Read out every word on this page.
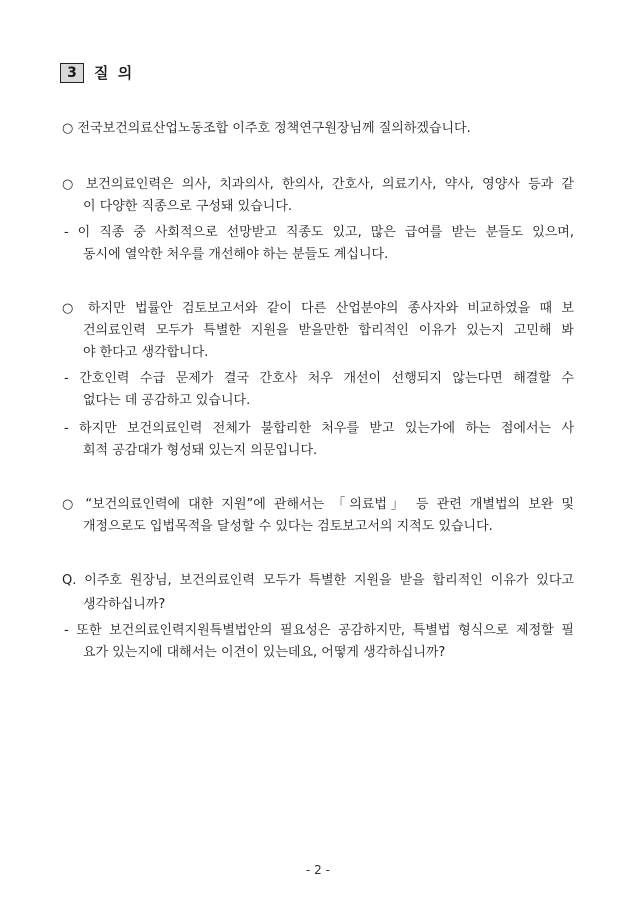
3	질 의
○ 전국보건의료산업노동조합 이주호 정책연구원장님께 질의하겠습니다.
○ 보건의료인력은 의사, 치과의사, 한의사, 간호사, 의료기사, 약사, 영양사 등과 같
이 다양한 직종으로 구성돼 있습니다.
- 이 직종 중 사회적으로 선망받고 직종도 있고, 많은 급여를 받는 분들도 있으며,
동시에 열악한 처우를 개선해야 하는 분들도 계십니다.
○ 하지만 법률안 검토보고서와 같이 다른 산업분야의 종사자와 비교하였을 때 보
건의료인력 모두가 특별한 지원을 받을만한 합리적인 이유가 있는지 고민해 봐
야 한다고 생각합니다.
- 간호인력 수급 문제가 결국 간호사 처우 개선이 선행되지 않는다면 해결할 수
없다는 데 공감하고 있습니다.
- 하지만 보건의료인력 전체가 불합리한 처우를 받고 있는가에 하는 점에서는 사
회적 공감대가 형성돼 있는지 의문입니다.
○ “보건의료인력에 대한 지원”에 관해서는 「의료법」 등 관련 개별법의 보완 및
개정으로도 입법목적을 달성할 수 있다는 검토보고서의 지적도 있습니다.
Q. 이주호 원장님, 보건의료인력 모두가 특별한 지원을 받을 합리적인 이유가 있다고
생각하십니까?
- 또한 보건의료인력지원특별법안의 필요성은 공감하지만, 특별법 형식으로 제정할 필
요가 있는지에 대해서는 이견이 있는데요, 어떻게 생각하십니까?
- 2 -
